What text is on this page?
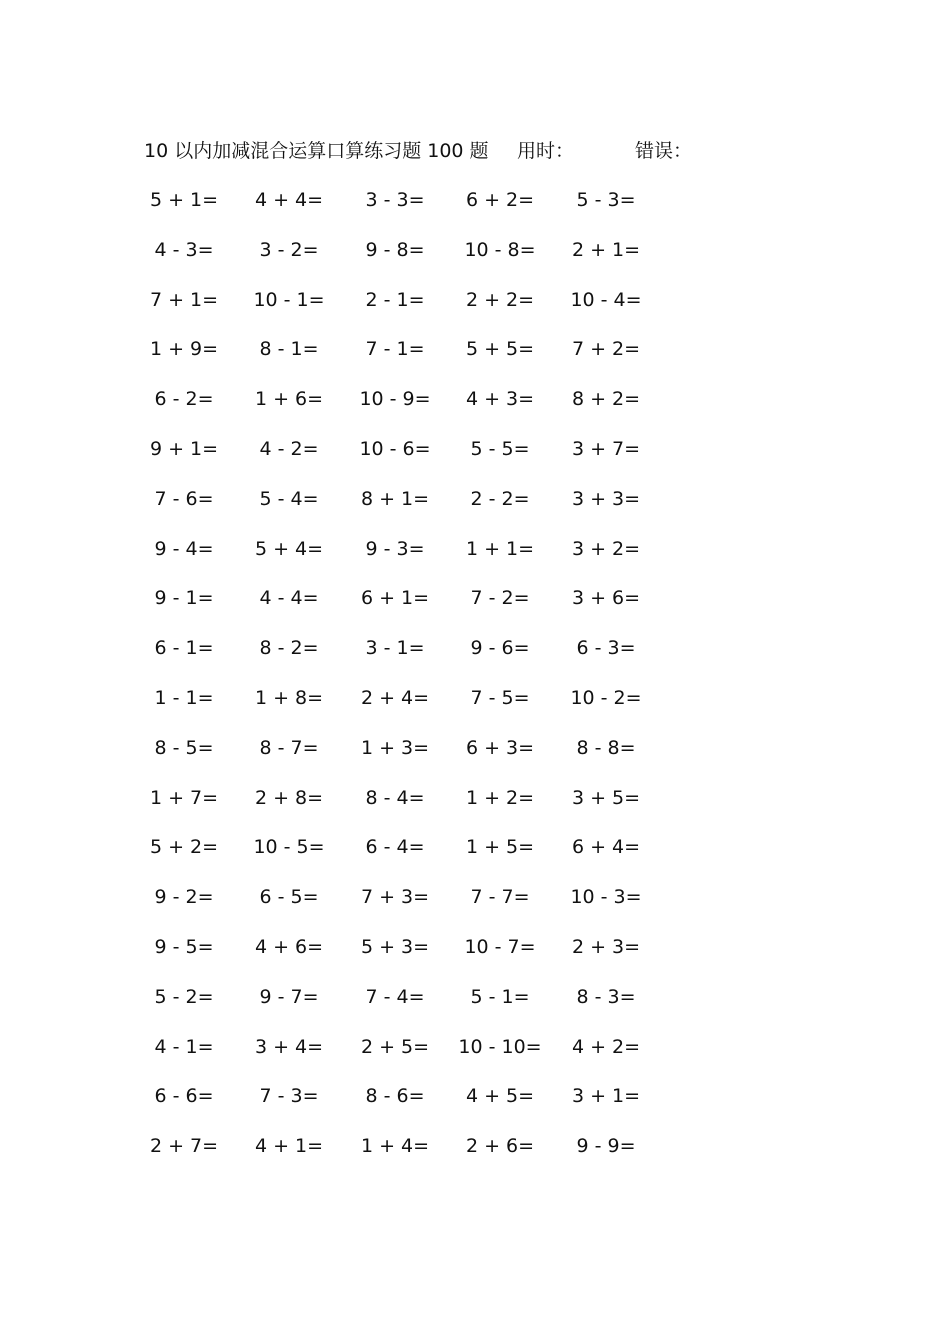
10 以内加减混合运算口算练习题 100 题 用时：	错误：
5 + 1=	4 + 4=	3 - 3=	6 + 2=	5 - 3=
4 - 3=	3 - 2=	9 - 8=	10 - 8=	2 + 1=
7 + 1=	10 - 1=	2 - 1=	2 + 2=	10 - 4=
1 + 9=	8 - 1=	7 - 1=	5 + 5=	7 + 2=
6 - 2=	1 + 6=	10 - 9=	4 + 3=	8 + 2=
9 + 1=	4 - 2=	10 - 6=	5 - 5=	3 + 7=
7 - 6=	5 - 4=	8 + 1=	2 - 2=	3 + 3=
9 - 4=	5 + 4=	9 - 3=	1 + 1=	3 + 2=
9 - 1=	4 - 4=	6 + 1=	7 - 2=	3 + 6=
6 - 1=	8 - 2=	3 - 1=	9 - 6=	6 - 3=
1 - 1=	1 + 8=	2 + 4=	7 - 5=	10 - 2=
8 - 5=	8 - 7=	1 + 3=	6 + 3=	8 - 8=
1 + 7=	2 + 8=	8 - 4=	1 + 2=	3 + 5=
5 + 2=	10 - 5=	6 - 4=	1 + 5=	6 + 4=
9 - 2=	6 - 5=	7 + 3=	7 - 7=	10 - 3=
9 - 5=	4 + 6=	5 + 3=	10 - 7=	2 + 3=
5 - 2=	9 - 7=	7 - 4=	5 - 1=	8 - 3=
4 - 1=	3 + 4=	2 + 5=	10 - 10=	4 + 2=
6 - 6=	7 - 3=	8 - 6=	4 + 5=	3 + 1=
2 + 7=	4 + 1=	1 + 4=	2 + 6=	9 - 9=
